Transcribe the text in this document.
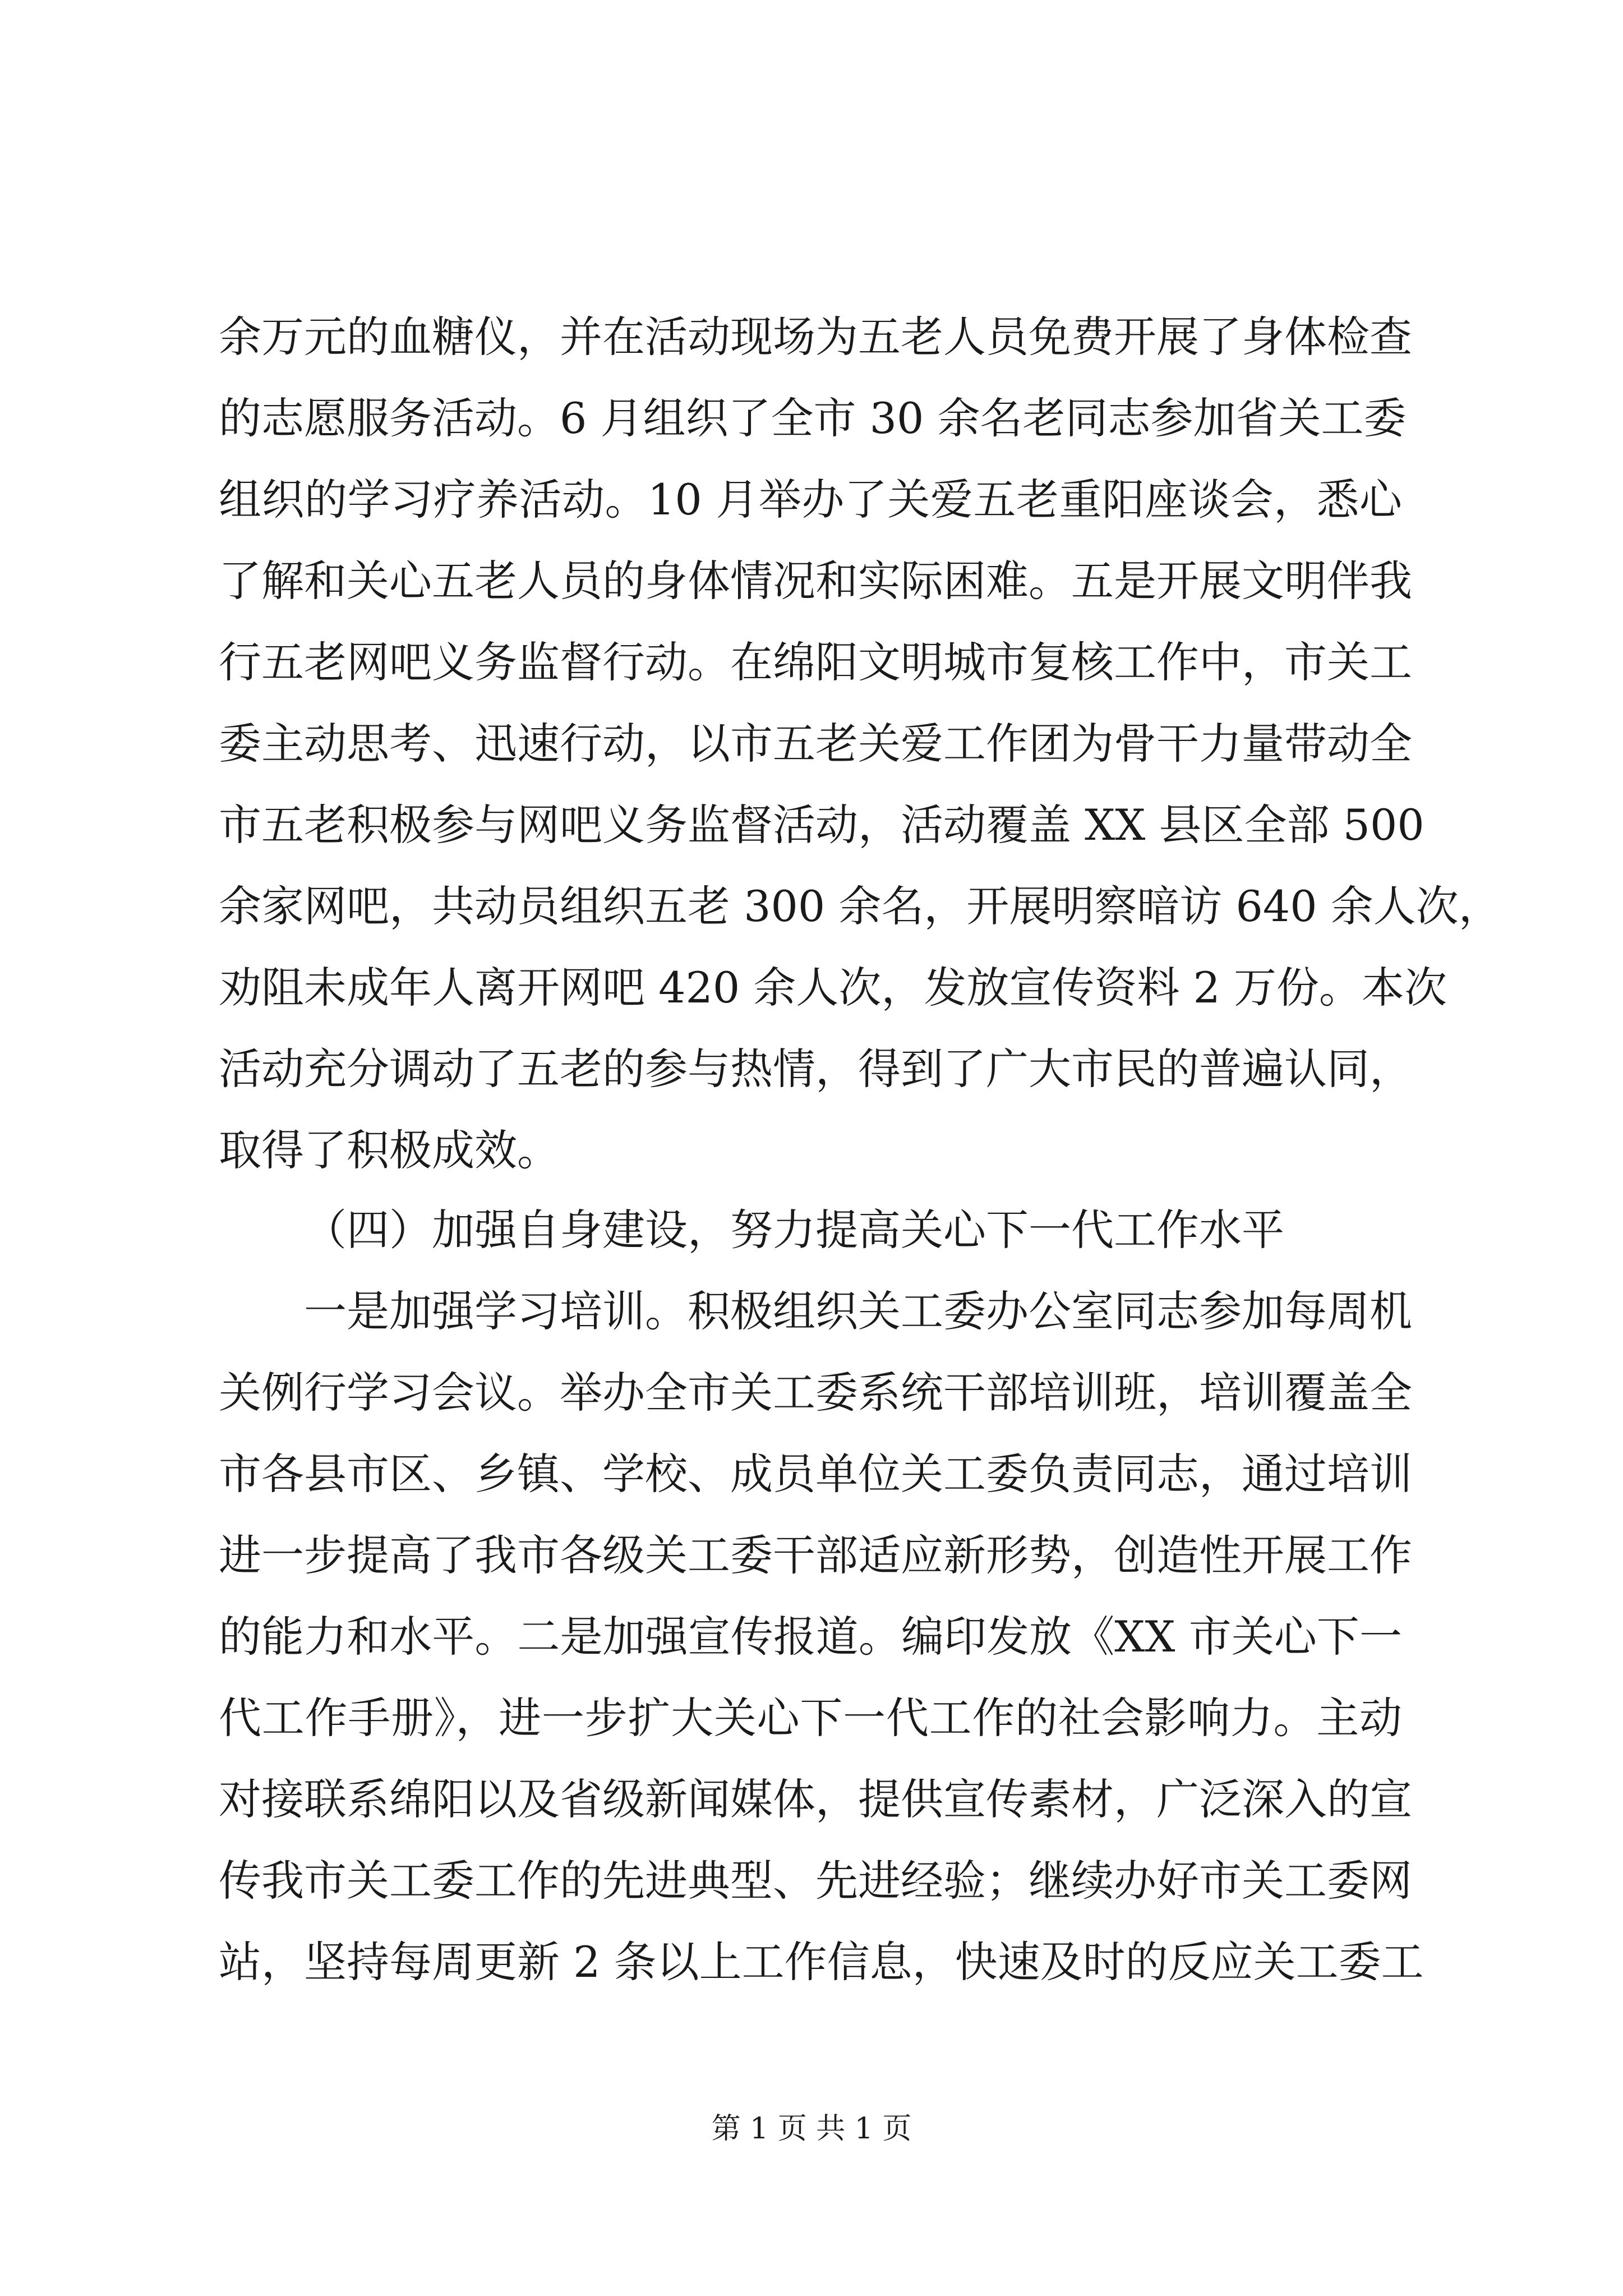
余万元的血糖仪，并在活动现场为五老人员免费开展了身体检查
的志愿服务活动。6 月组织了全市 30 余名老同志参加省关工委
组织的学习疗养活动。10 月举办了关爱五老重阳座谈会，悉心
了解和关心五老人员的身体情况和实际困难。五是开展文明伴我
行五老网吧义务监督行动。在绵阳文明城市复核工作中，市关工
委主动思考、迅速行动，以市五老关爱工作团为骨干力量带动全
市五老积极参与网吧义务监督活动，活动覆盖 XX 县区全部 500
余家网吧，共动员组织五老 300 余名，开展明察暗访 640 余人次，
劝阻未成年人离开网吧 420 余人次，发放宣传资料 2 万份。本次
活动充分调动了五老的参与热情，得到了广大市民的普遍认同，
取得了积极成效。
（四）加强自身建设，努力提高关心下一代工作水平
一是加强学习培训。积极组织关工委办公室同志参加每周机
关例行学习会议。举办全市关工委系统干部培训班，培训覆盖全
市各县市区、乡镇、学校、成员单位关工委负责同志，通过培训
进一步提高了我市各级关工委干部适应新形势，创造性开展工作
的能力和水平。二是加强宣传报道。编印发放《XX 市关心下一
代工作手册》，进一步扩大关心下一代工作的社会影响力。主动
对接联系绵阳以及省级新闻媒体，提供宣传素材，广泛深入的宣
传我市关工委工作的先进典型、先进经验；继续办好市关工委网
站，坚持每周更新 2 条以上工作信息，快速及时的反应关工委工
第 1 页 共 1 页
